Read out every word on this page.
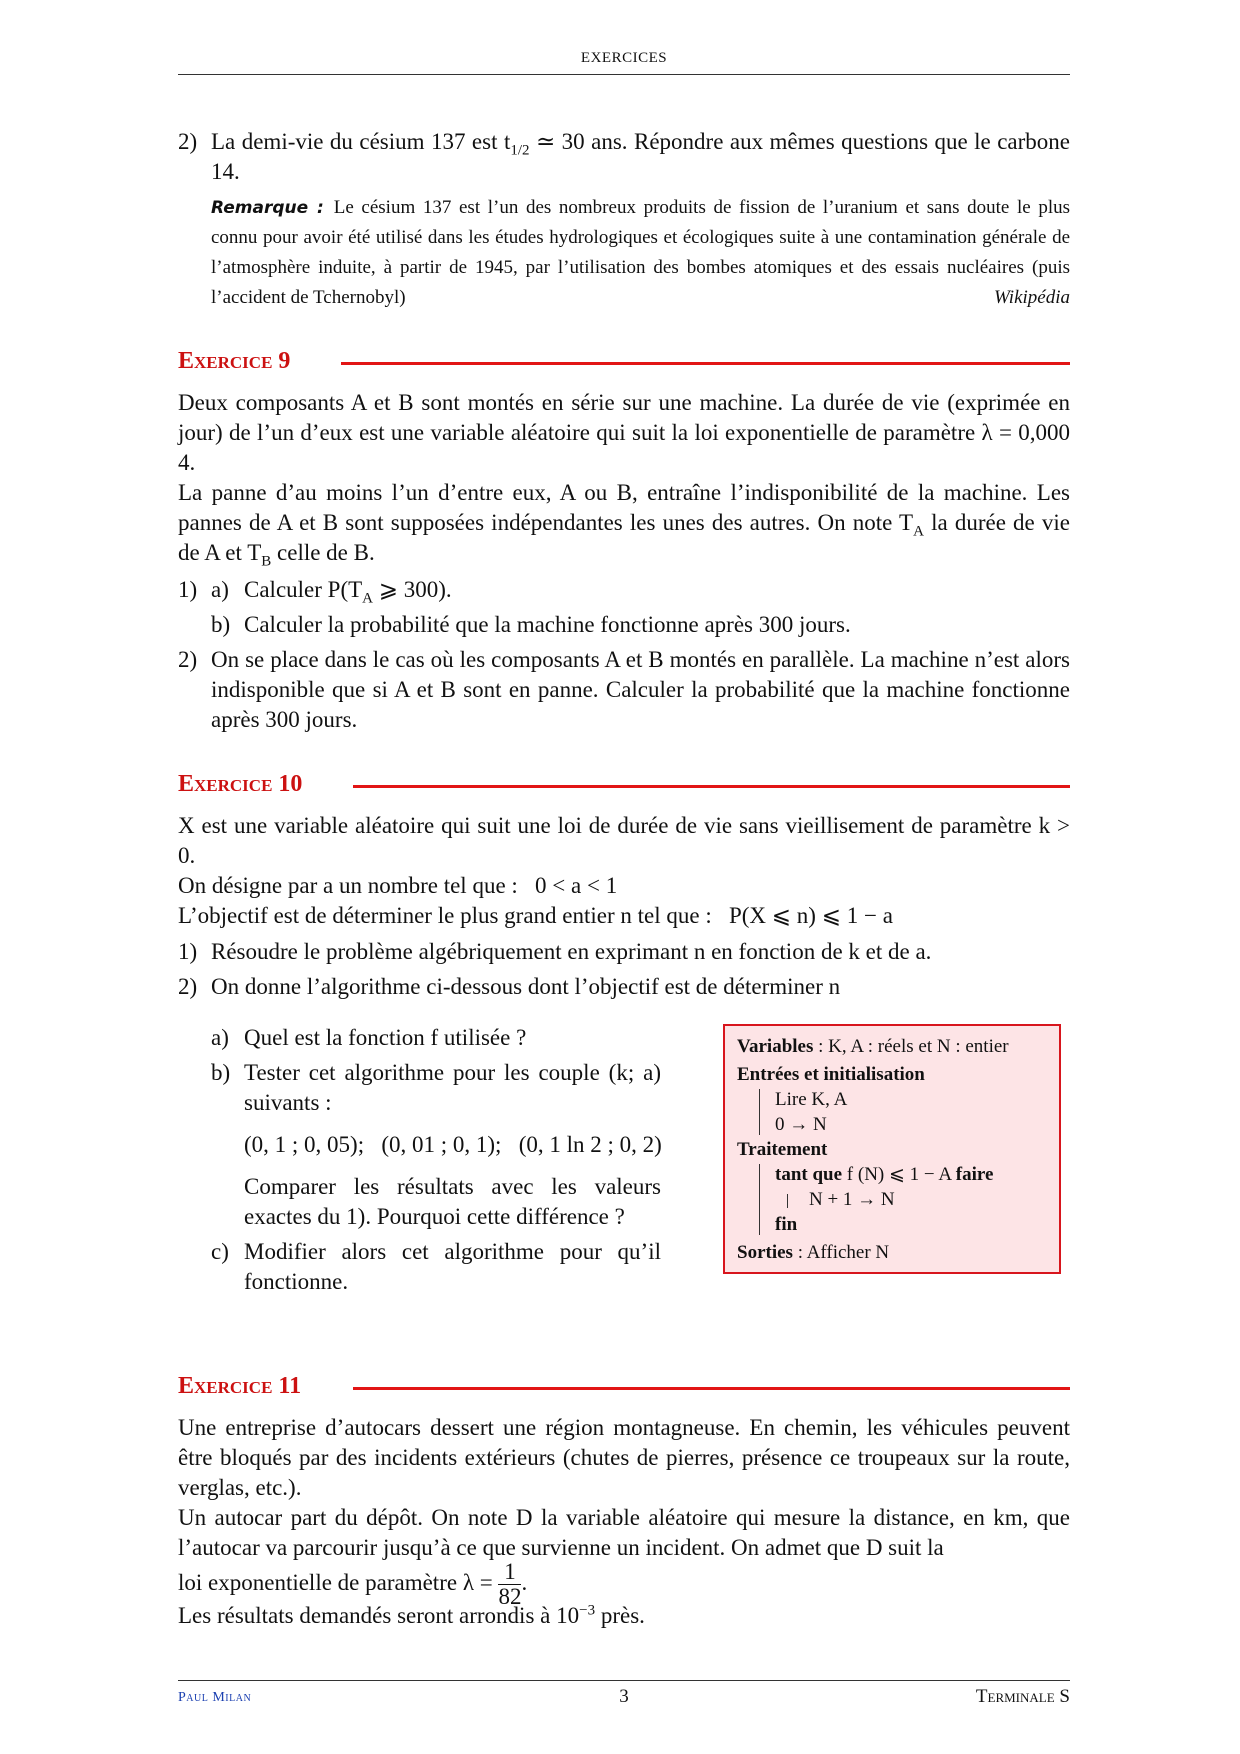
EXERCICES
2) La demi-vie du césium 137 est $t_{1/2}$ ≃ 30 ans. Répondre aux mêmes questions que le carbone 14.

Remarque : Le césium 137 est l’un des nombreux produits de fission de l’uranium et sans doute le plus connu pour avoir été utilisé dans les études hydrologiques et écologiques suite à une contamination générale de l’atmosphère induite, à partir de 1945, par l’utilisation des bombes atomiques et des essais nucléaires (puis l’accident de Tchernobyl)	Wikipédia
Exercice 9

Deux composants A et B sont montés en série sur une machine. La durée de vie (exprimée en jour) de l’un d’eux est une variable aléatoire qui suit la loi exponentielle de paramètre λ = 0,000 4.

La panne d’au moins l’un d’entre eux, A ou B, entraîne l’indisponibilité de la machine. Les pannes de A et B sont supposées indépendantes les unes des autres. On note $T_A$ la durée de vie de A et $T_B$ celle de B.

1) a) Calculer $P(T_A$ ⩾ 300).

b) Calculer la probabilité que la machine fonctionne après 300 jours.

2) On se place dans le cas où les composants A et B montés en parallèle. La machine n’est alors indisponible que si A et B sont en panne. Calculer la probabilité que la machine fonctionne après 300 jours.

Exercice 10

X est une variable aléatoire qui suit une loi de durée de vie sans vieillisement de paramètre k > 0.

On désigne par a un nombre tel que :   0 < a < 1

L’objectif est de déterminer le plus grand entier n tel que :   P(X ⩽ n) ⩽ 1 − a

1) Résoudre le problème algébriquement en exprimant n en fonction de k et de a.

2) On donne l’algorithme ci-dessous dont l’objectif est de déterminer n

a) Quel est la fonction f utilisée ?

b) Tester cet algorithme pour les couple (k; a) suivants :

(0, 1 ; 0, 05);   (0, 01 ; 0, 1);   (0, 1 ln 2 ; 0, 2)

Comparer les résultats avec les valeurs exactes du 1). Pourquoi cette différence ?

c) Modifier alors cet algorithme pour qu’il fonctionne.

Variables : K, A : réels et N : entier
Entrées et initialisation
Lire K, A
0 → N
Traitement
tant que f (N) ⩽ 1 − A faire
N + 1 → N
fin
Sorties : Afficher N
Exercice 11

Une entreprise d’autocars dessert une région montagneuse. En chemin, les véhicules peuvent être bloqués par des incidents extérieurs (chutes de pierres, présence ce troupeaux sur la route, verglas, etc.).

Un autocar part du dépôt. On note D la variable aléatoire qui mesure la distance, en km, que l’autocar va parcourir jusqu’à ce que survienne un incident. On admet que D suit la

loi exponentielle de paramètre $\lambda = \frac{1}{82}$ .

Les résultats demandés seront arrondis à $10^{-3}$ près.

Paul Milan	3	Terminale S
